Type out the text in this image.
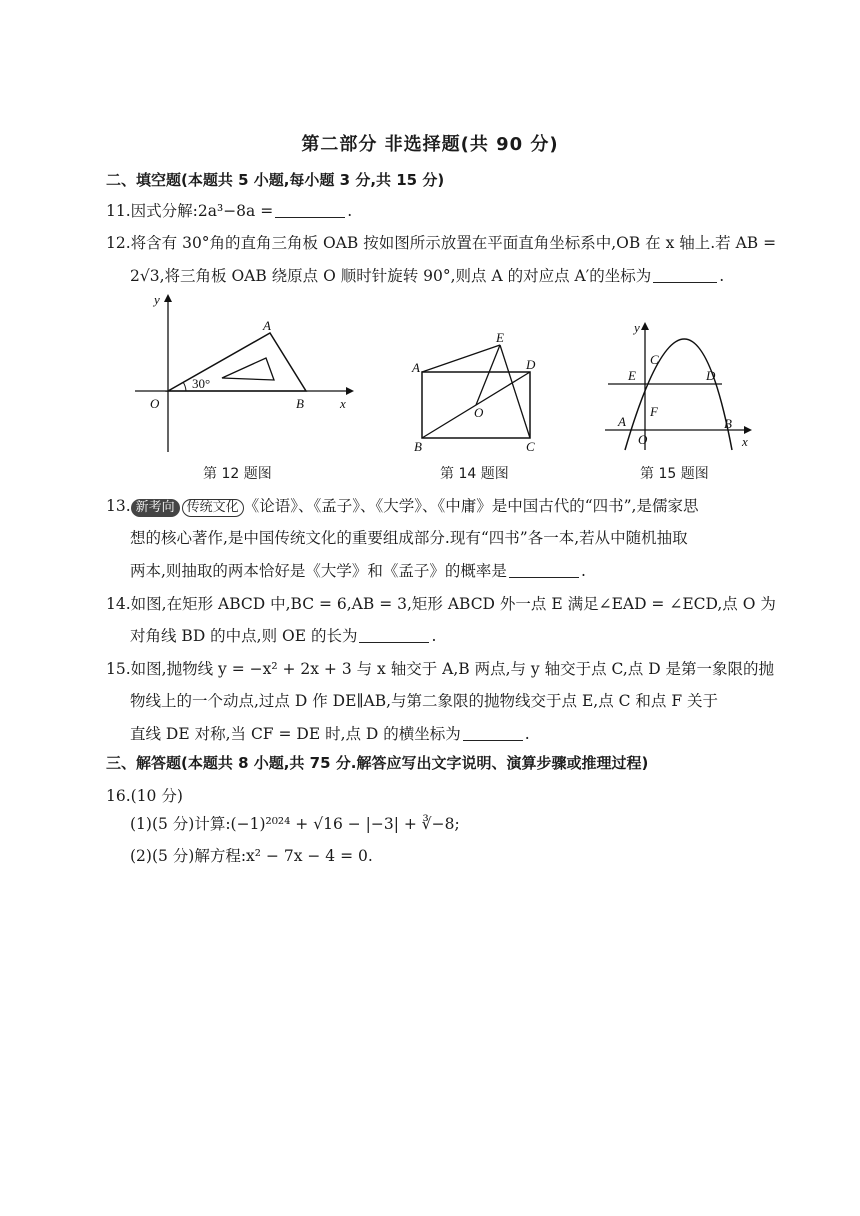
第二部分 非选择题(共 90 分)
二、填空题(本题共 5 小题,每小题 3 分,共 15 分)
11.因式分解:2a³−8a =	.
12.将含有 30°角的直角三角板 OAB 按如图所示放置在平面直角坐标系中,OB 在 x 轴上.若 AB =
2√3,将三角板 OAB 绕原点 O 顺时针旋转 90°,则点 A 的对应点 A′的坐标为	.
y
x
O
A
B
30°
第 12 题图
A
B	C
D
E
O
第 14 题图
y
x
O
A	B
C
D
E
F
第 15 题图
13. 新考向 传统文化 《论语》、《孟子》、《大学》、《中庸》是中国古代的“四书”,是儒家思
想的核心著作,是中国传统文化的重要组成部分.现有“四书”各一本,若从中随机抽取
两本,则抽取的两本恰好是《大学》和《孟子》的概率是	.
14.如图,在矩形 ABCD 中,BC = 6,AB = 3,矩形 ABCD 外一点 E 满足∠EAD = ∠ECD,点 O 为
对角线 BD 的中点,则 OE 的长为	.
15.如图,抛物线 y = −x² + 2x + 3 与 x 轴交于 A,B 两点,与 y 轴交于点 C,点 D 是第一象限的抛
物线上的一个动点,过点 D 作 DE∥AB,与第二象限的抛物线交于点 E,点 C 和点 F 关于
直线 DE 对称,当 CF = DE 时,点 D 的横坐标为	.
三、解答题(本题共 8 小题,共 75 分.解答应写出文字说明、演算步骤或推理过程)
16.(10 分)
(1)(5 分)计算:(−1)²⁰²⁴ + √16 − |−3| + ∛−8;
(2)(5 分)解方程:x² − 7x − 4 = 0.
